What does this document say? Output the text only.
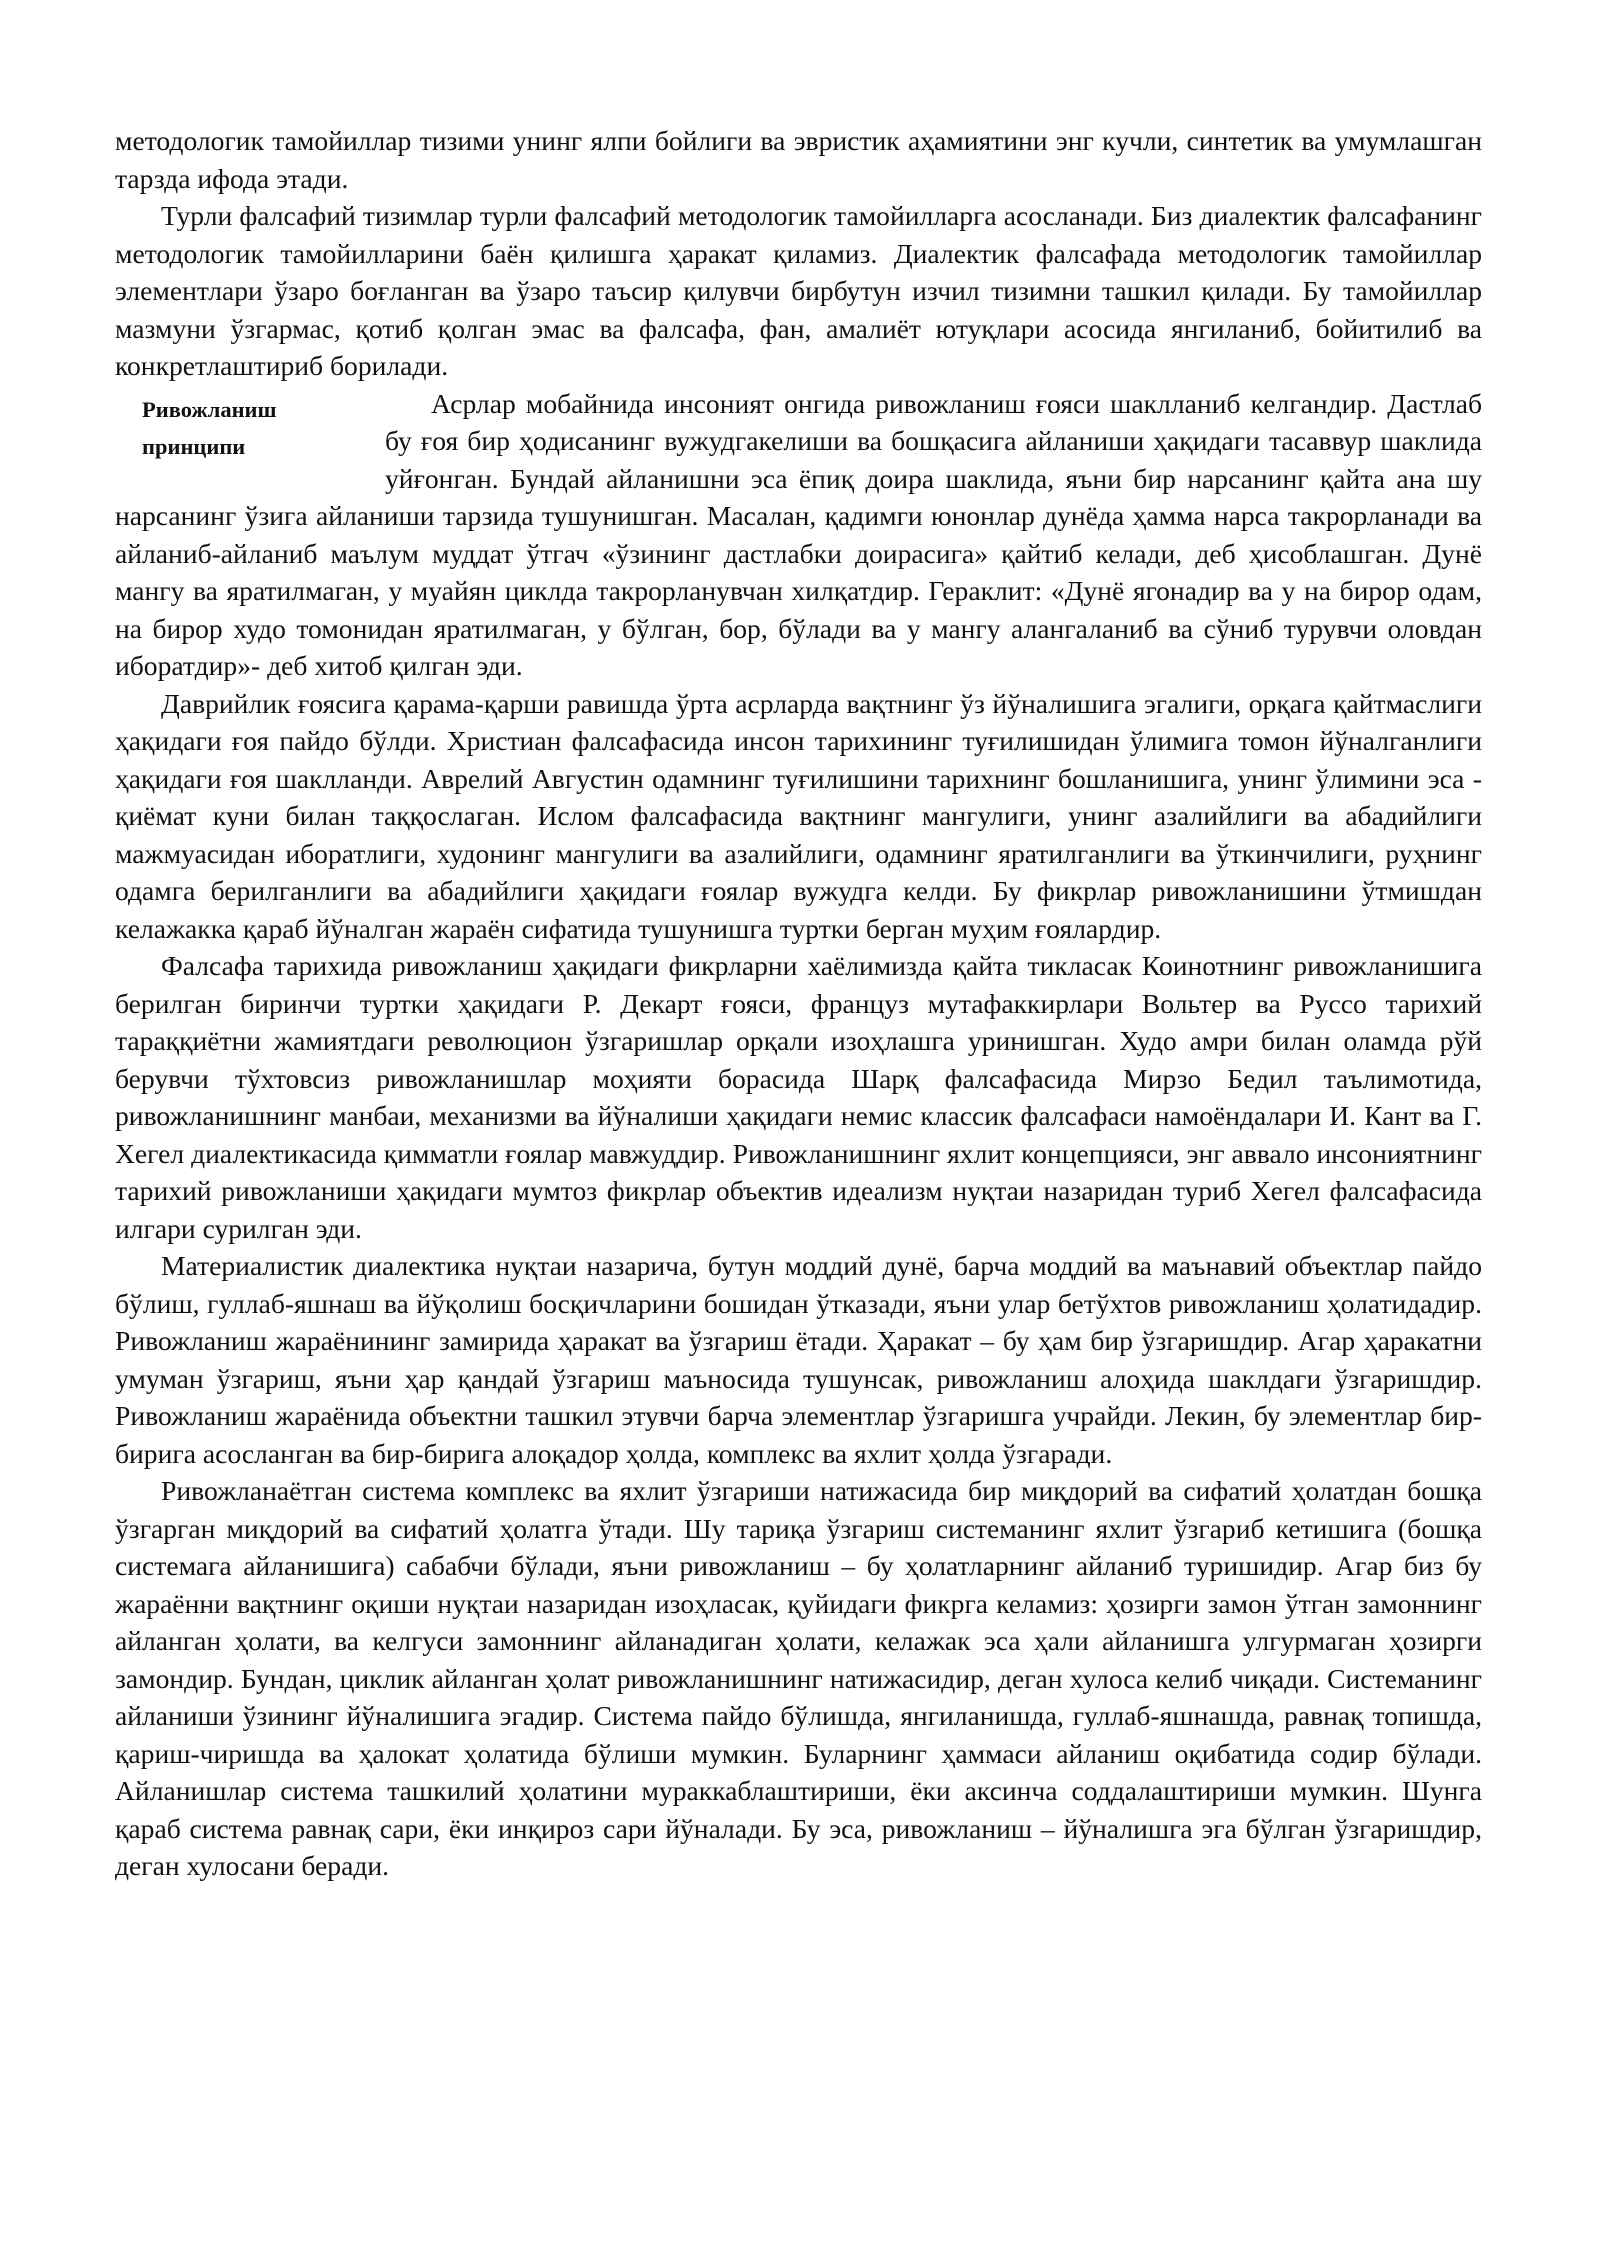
методологик тамойиллар тизими унинг ялпи бойлиги ва эвристик аҳамиятини энг кучли, синтетик ва умумлашган тарзда ифода этади.

Турли фалсафий тизимлар турли фалсафий методологик тамойилларга асосланади. Биз диалектик фалсафанинг методологик тамойилларини баён қилишга ҳаракат қиламиз. Диалектик фалсафада методологик тамойиллар элементлари ўзаро боғланган ва ўзаро таъсир қилувчи бирбутун изчил тизимни ташкил қилади. Бу тамойиллар мазмуни ўзгармас, қотиб қолган эмас ва фалсафа, фан, амалиёт ютуқлари асосида янгиланиб, бойитилиб ва конкретлаштириб борилади.

Ривожланиш
принципи

Асрлар мобайнида инсоният онгида ривожланиш ғояси шаклланиб келгандир. Дастлаб бу ғоя бир ҳодисанинг вужудгакелиши ва бошқасига айланиши ҳақидаги тасаввур шаклида уйғонган. Бундай айланишни эса ёпиқ доира шаклида, яъни бир нарсанинг қайта ана шу нарсанинг ўзига айланиши тарзида тушунишган. Масалан, қадимги юнонлар дунёда ҳамма нарса такрорланади ва айланиб-айланиб маълум муддат ўтгач «ўзининг дастлабки доирасига» қайтиб келади, деб ҳисоблашган. Дунё мангу ва яратилмаган, у муайян циклда такрорланувчан хилқатдир. Гераклит: «Дунё ягонадир ва у на бирор одам, на бирор худо томонидан яратилмаган, у бўлган, бор, бўлади ва у мангу алангаланиб ва сўниб турувчи оловдан иборатдир»- деб хитоб қилган эди.

Даврийлик ғоясига қарама-қарши равишда ўрта асрларда вақтнинг ўз йўналишига эгалиги, орқага қайтмаслиги ҳақидаги ғоя пайдо бўлди. Христиан фалсафасида инсон тарихининг туғилишидан ўлимига томон йўналганлиги ҳақидаги ғоя шаклланди. Аврелий Августин одамнинг туғилишини тарихнинг бошланишига, унинг ўлимини эса - қиёмат куни билан таққослаган. Ислом фалсафасида вақтнинг мангулиги, унинг азалийлиги ва абадийлиги мажмуасидан иборатлиги, худонинг мангулиги ва азалийлиги, одамнинг яратилганлиги ва ўткинчилиги, руҳнинг одамга берилганлиги ва абадийлиги ҳақидаги ғоялар вужудга келди. Бу фикрлар ривожланишини ўтмишдан келажакка қараб йўналган жараён сифатида тушунишга туртки берган муҳим ғоялардир.

Фалсафа тарихида ривожланиш ҳақидаги фикрларни хаёлимизда қайта тикласак Коинотнинг ривожланишига берилган биринчи туртки ҳақидаги Р. Декарт ғояси, француз мутафаккирлари Вольтер ва Руссо тарихий тараққиётни жамиятдаги революцион ўзгаришлар орқали изоҳлашга уринишган. Худо амри билан оламда рўй берувчи тўхтовсиз ривожланишлар моҳияти борасида Шарқ фалсафасида Мирзо Бедил таълимотида, ривожланишнинг манбаи, механизми ва йўналиши ҳақидаги немис классик фалсафаси намоёндалари И. Кант ва Г. Хегел диалектикасида қимматли ғоялар мавжуддир. Ривожланишнинг яхлит концепцияси, энг аввало инсониятнинг тарихий ривожланиши ҳақидаги мумтоз фикрлар объектив идеализм нуқтаи назаридан туриб Хегел фалсафасида илгари сурилган эди.

Материалистик диалектика нуқтаи назарича, бутун моддий дунё, барча моддий ва маънавий объектлар пайдо бўлиш, гуллаб-яшнаш ва йўқолиш босқичларини бошидан ўтказади, яъни улар бетўхтов ривожланиш ҳолатидадир. Ривожланиш жараёнининг замирида ҳаракат ва ўзгариш ётади. Ҳаракат – бу ҳам бир ўзгаришдир. Агар ҳаракатни умуман ўзгариш, яъни ҳар қандай ўзгариш маъносида тушунсак, ривожланиш алоҳида шаклдаги ўзгаришдир. Ривожланиш жараёнида объектни ташкил этувчи барча элементлар ўзгаришга учрайди. Лекин, бу элементлар бир-бирига асосланган ва бир-бирига алоқадор ҳолда, комплекс ва яхлит ҳолда ўзгаради.

Ривожланаётган система комплекс ва яхлит ўзгариши натижасида бир миқдорий ва сифатий ҳолатдан бошқа ўзгарган миқдорий ва сифатий ҳолатга ўтади. Шу тариқа ўзгариш системанинг яхлит ўзгариб кетишига (бошқа системага айланишига) сабабчи бўлади, яъни ривожланиш – бу ҳолатларнинг айланиб туришидир. Агар биз бу жараённи вақтнинг оқиши нуқтаи назаридан изоҳласак, қуйидаги фикрга келамиз: ҳозирги замон ўтган замоннинг айланган ҳолати, ва келгуси замоннинг айланадиган ҳолати, келажак эса ҳали айланишга улгурмаган ҳозирги замондир. Бундан, циклик айланган ҳолат ривожланишнинг натижасидир, деган хулоса келиб чиқади. Системанинг айланиши ўзининг йўналишига эгадир. Система пайдо бўлишда, янгиланишда, гуллаб-яшнашда, равнақ топишда, қариш-чиришда ва ҳалокат ҳолатида бўлиши мумкин. Буларнинг ҳаммаси айланиш оқибатида содир бўлади. Айланишлар система ташкилий ҳолатини мураккаблаштириши, ёки аксинча соддалаштириши мумкин. Шунга қараб система равнақ сари, ёки инқироз сари йўналади. Бу эса, ривожланиш – йўналишга эга бўлган ўзгаришдир, деган хулосани беради.
